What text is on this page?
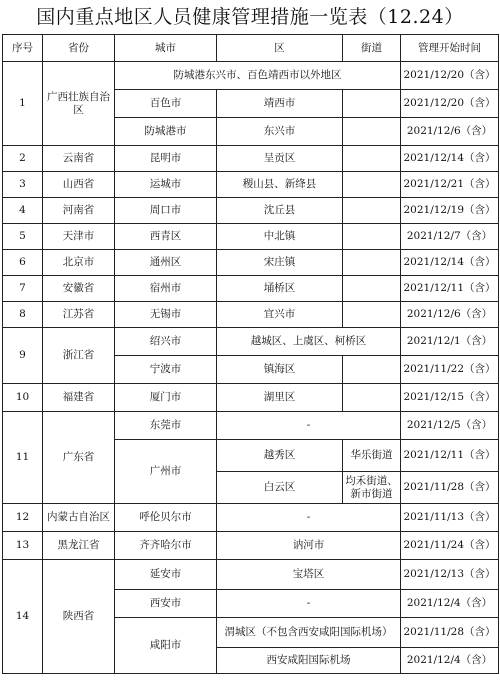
国内重点地区人员健康管理措施一览表（12.24）
序号	省份	城市	区	街道	管理开始时间
1	广西壮族自治区	防城港东兴市、百色靖西市以外地区			2021/12/20（含）
		百色市	靖西市		2021/12/20（含）
		防城港市	东兴市		2021/12/6（含）
2	云南省	昆明市	呈贡区		2021/12/14（含）
3	山西省	运城市	稷山县、新绛县		2021/12/21（含）
4	河南省	周口市	沈丘县		2021/12/19（含）
5	天津市	西青区	中北镇		2021/12/7（含）
6	北京市	通州区	宋庄镇		2021/12/14（含）
7	安徽省	宿州市	埇桥区		2021/12/11（含）
8	江苏省	无锡市	宜兴市		2021/12/6（含）
9	浙江省	绍兴市	越城区、上虞区、柯桥区		2021/12/1（含）
		宁波市	镇海区		2021/11/22（含）
10	福建省	厦门市	湖里区		2021/12/15（含）
11	广东省	东莞市	-		2021/12/5（含）
		广州市	越秀区	华乐街道	2021/12/11（含）
			白云区	均禾街道、新市街道	2021/11/28（含）
12	内蒙古自治区	呼伦贝尔市	-		2021/11/13（含）
13	黑龙江省	齐齐哈尔市	讷河市		2021/11/24（含）
14	陕西省	延安市	宝塔区		2021/12/13（含）
		西安市	-		2021/12/4（含）
		咸阳市	渭城区（不包含西安咸阳国际机场）		2021/11/28（含）
			西安咸阳国际机场		2021/12/4（含）
